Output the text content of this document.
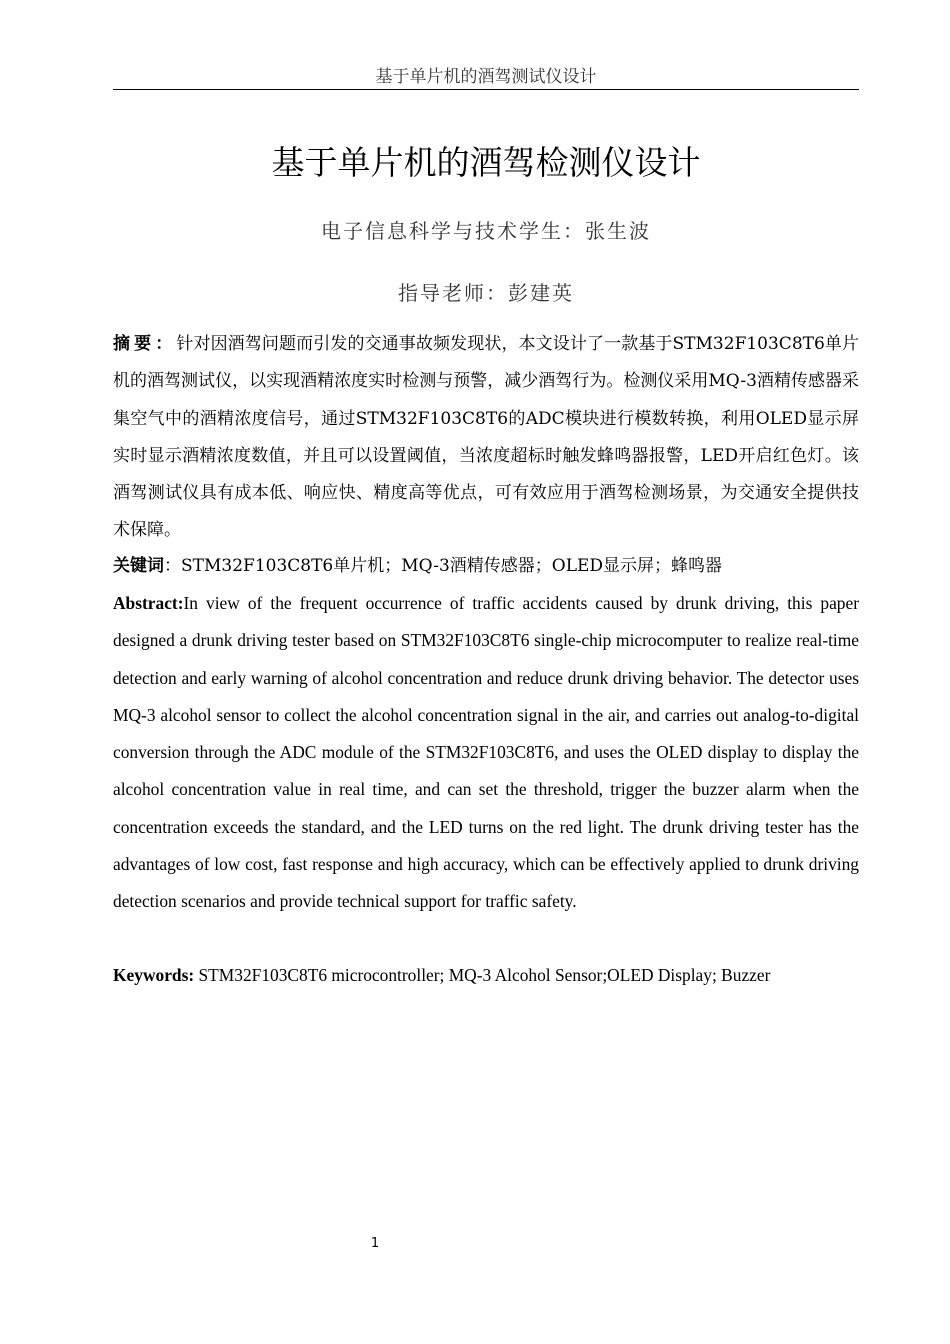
基于单片机的酒驾测试仪设计
基于单片机的酒驾检测仪设计
电子信息科学与技术学生：张生波
指导老师：彭建英

摘要：针对因酒驾问题而引发的交通事故频发现状，本文设计了一款基于STM32F103C8T6单片机的酒驾测试仪，以实现酒精浓度实时检测与预警，减少酒驾行为。检测仪采用MQ-3酒精传感器采集空气中的酒精浓度信号，通过STM32F103C8T6的ADC模块进行模数转换，利用OLED显示屏实时显示酒精浓度数值，并且可以设置阈值，当浓度超标时触发蜂鸣器报警，LED开启红色灯。该酒驾测试仪具有成本低、响应快、精度高等优点，可有效应用于酒驾检测场景，为交通安全提供技术保障。

关键词：STM32F103C8T6单片机；MQ-3酒精传感器；OLED显示屏；蜂鸣器

Abstract:In view of the frequent occurrence of traffic accidents caused by drunk driving, this paper designed a drunk driving tester based on STM32F103C8T6 single-chip microcomputer to realize real-time detection and early warning of alcohol concentration and reduce drunk driving behavior. The detector uses MQ-3 alcohol sensor to collect the alcohol concentration signal in the air, and carries out analog-to-digital conversion through the ADC module of the STM32F103C8T6, and uses the OLED display to display the alcohol concentration value in real time, and can set the threshold, trigger the buzzer alarm when the concentration exceeds the standard, and the LED turns on the red light. The drunk driving tester has the advantages of low cost, fast response and high accuracy, which can be effectively applied to drunk driving detection scenarios and provide technical support for traffic safety.

Keywords: STM32F103C8T6 microcontroller; MQ-3 Alcohol Sensor;OLED Display; Buzzer

1
